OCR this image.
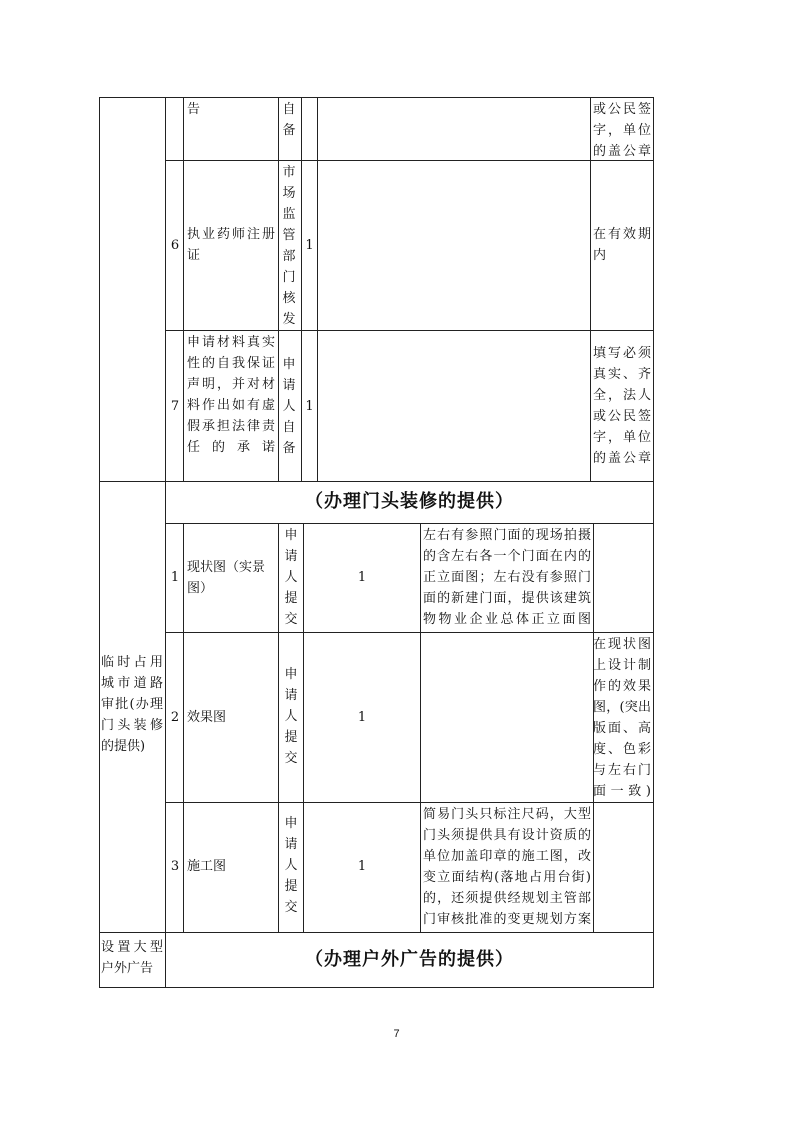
告	自备
或公民签字，单位的盖公章
6
执业药师注册证
市场监管部门核发
1
在有效期内
7
申请材料真实性的自我保证声明，并对材料作出如有虚假承担法律责任的承诺
申请人自备
1
填写必须真实、齐全，法人或公民签字，单位的盖公章
临时占用城市道路审批(办理门头装修的提供)
（办理门头装修的提供）
1
现状图（实景图）
申请人提交
1
左右有参照门面的现场拍摄的含左右各一个门面在内的正立面图；左右没有参照门面的新建门面，提供该建筑物物业企业总体正立面图
2 效果图
申请人提交
1
在现状图上设计制作的效果图，(突出版面、高度、色彩与左右门面一致)
3 施工图
申请人提交
1
简易门头只标注尺码，大型门头须提供具有设计资质的单位加盖印章的施工图，改变立面结构(落地占用台街)的，还须提供经规划主管部门审核批准的变更规划方案
设置大型户外广告	（办理户外广告的提供）
7
